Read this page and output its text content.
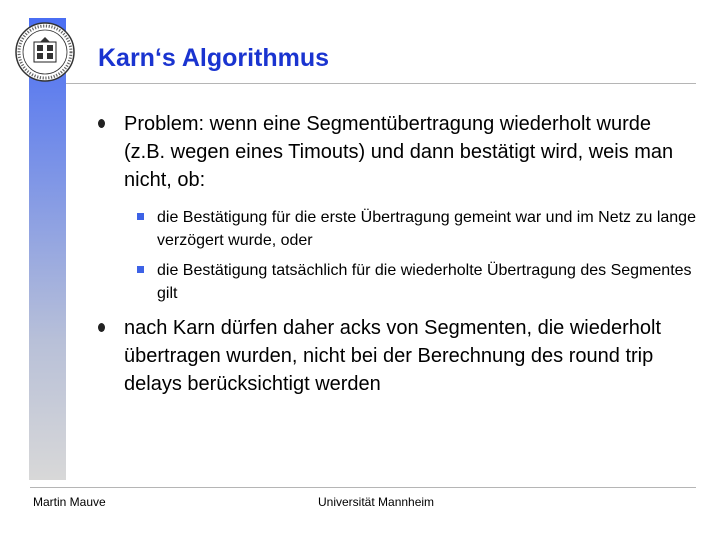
Karn‘s Algorithmus
Problem: wenn eine Segmentübertragung wiederholt wurde (z.B. wegen eines Timouts) und dann bestätigt wird, weis man nicht, ob:
die Bestätigung für die erste Übertragung gemeint war und im Netz zu lange verzögert wurde, oder
die Bestätigung tatsächlich für die wiederholte Übertragung des Segmentes gilt
nach Karn dürfen daher acks von Segmenten, die wiederholt übertragen wurden, nicht bei der Berechnung des round trip delays berücksichtigt werden
Martin Mauve	Universität Mannheim
